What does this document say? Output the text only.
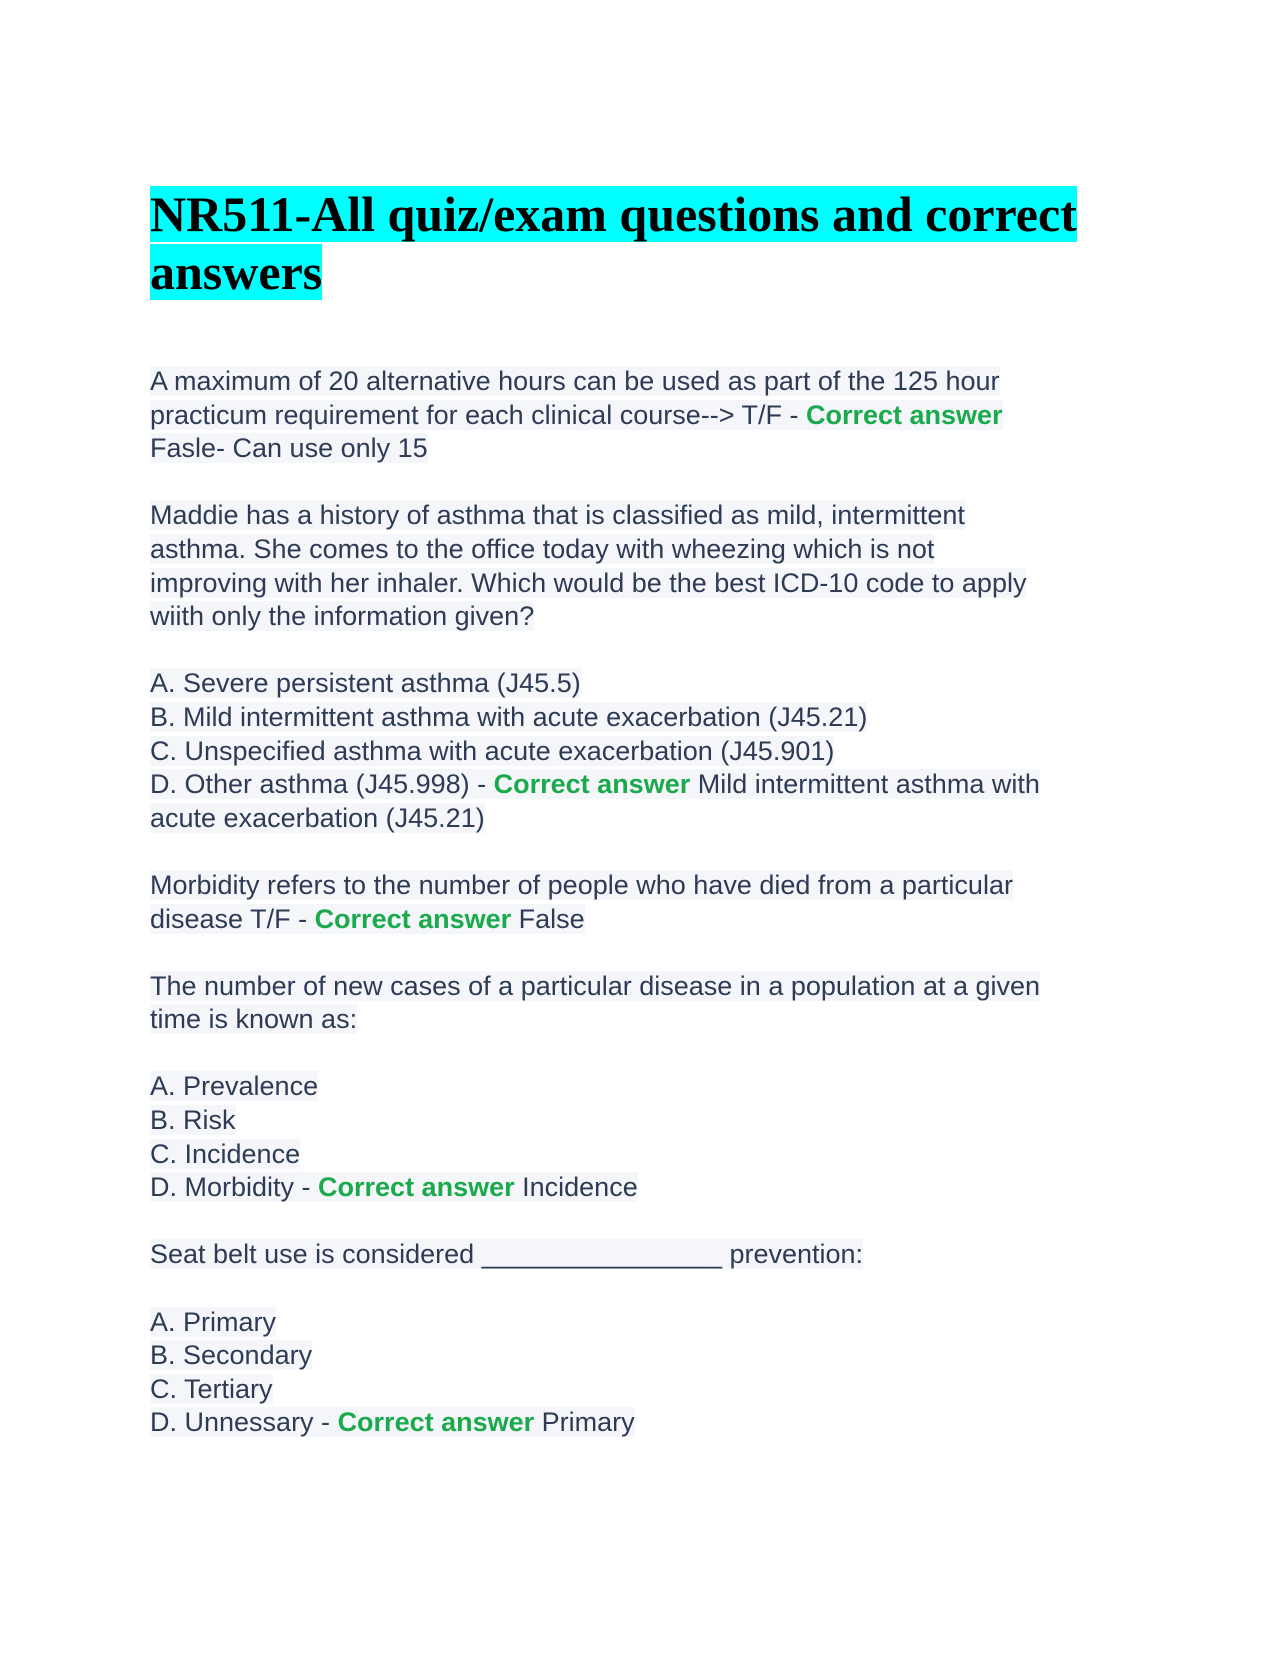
NR511-All quiz/exam questions and correct
answers
A maximum of 20 alternative hours can be used as part of the 125 hour
practicum requirement for each clinical course--> T/F - Correct answer
Fasle- Can use only 15
Maddie has a history of asthma that is classified as mild, intermittent
asthma. She comes to the office today with wheezing which is not
improving with her inhaler. Which would be the best ICD-10 code to apply
wiith only the information given?
A. Severe persistent asthma (J45.5)
B. Mild intermittent asthma with acute exacerbation (J45.21)
C. Unspecified asthma with acute exacerbation (J45.901)
D. Other asthma (J45.998) - Correct answer Mild intermittent asthma with
acute exacerbation (J45.21)
Morbidity refers to the number of people who have died from a particular
disease T/F - Correct answer False
The number of new cases of a particular disease in a population at a given
time is known as:
A. Prevalence
B. Risk
C. Incidence
D. Morbidity - Correct answer Incidence
Seat belt use is considered ________________ prevention:
A. Primary
B. Secondary
C. Tertiary
D. Unnessary - Correct answer Primary
